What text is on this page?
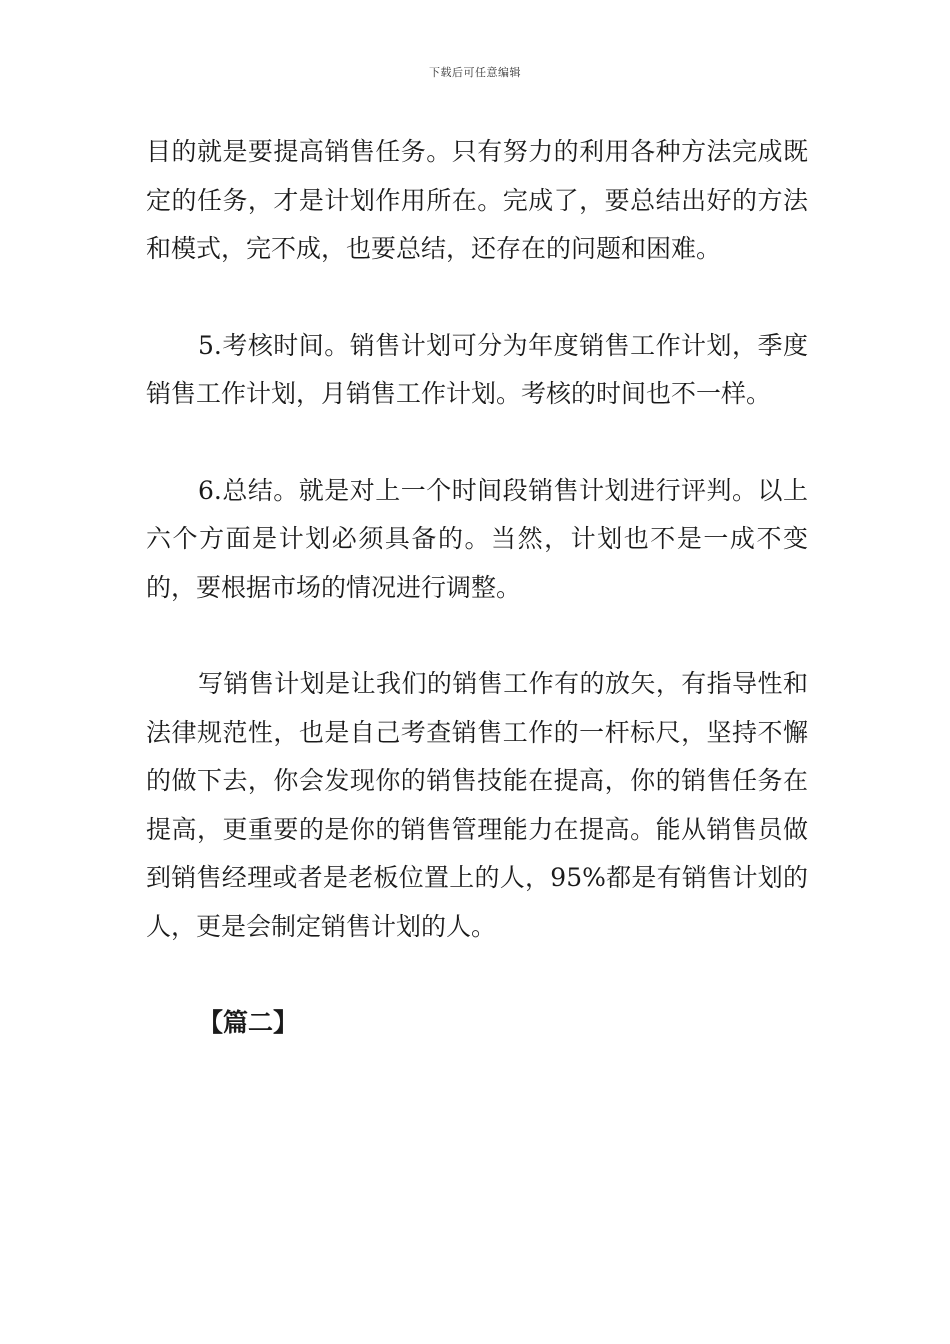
下载后可任意编辑

目的就是要提高销售任务。只有努力的利用各种方法完成既定的任务，才是计划作用所在。完成了，要总结出好的方法和模式，完不成，也要总结，还存在的问题和困难。

5.考核时间。销售计划可分为年度销售工作计划，季度销售工作计划，月销售工作计划。考核的时间也不一样。

6.总结。就是对上一个时间段销售计划进行评判。以上六个方面是计划必须具备的。当然，计划也不是一成不变的，要根据市场的情况进行调整。

写销售计划是让我们的销售工作有的放矢，有指导性和法律规范性，也是自己考查销售工作的一杆标尺，坚持不懈的做下去，你会发现你的销售技能在提高，你的销售任务在提高，更重要的是你的销售管理能力在提高。能从销售员做到销售经理或者是老板位置上的人，95%都是有销售计划的人，更是会制定销售计划的人。

【篇二】
